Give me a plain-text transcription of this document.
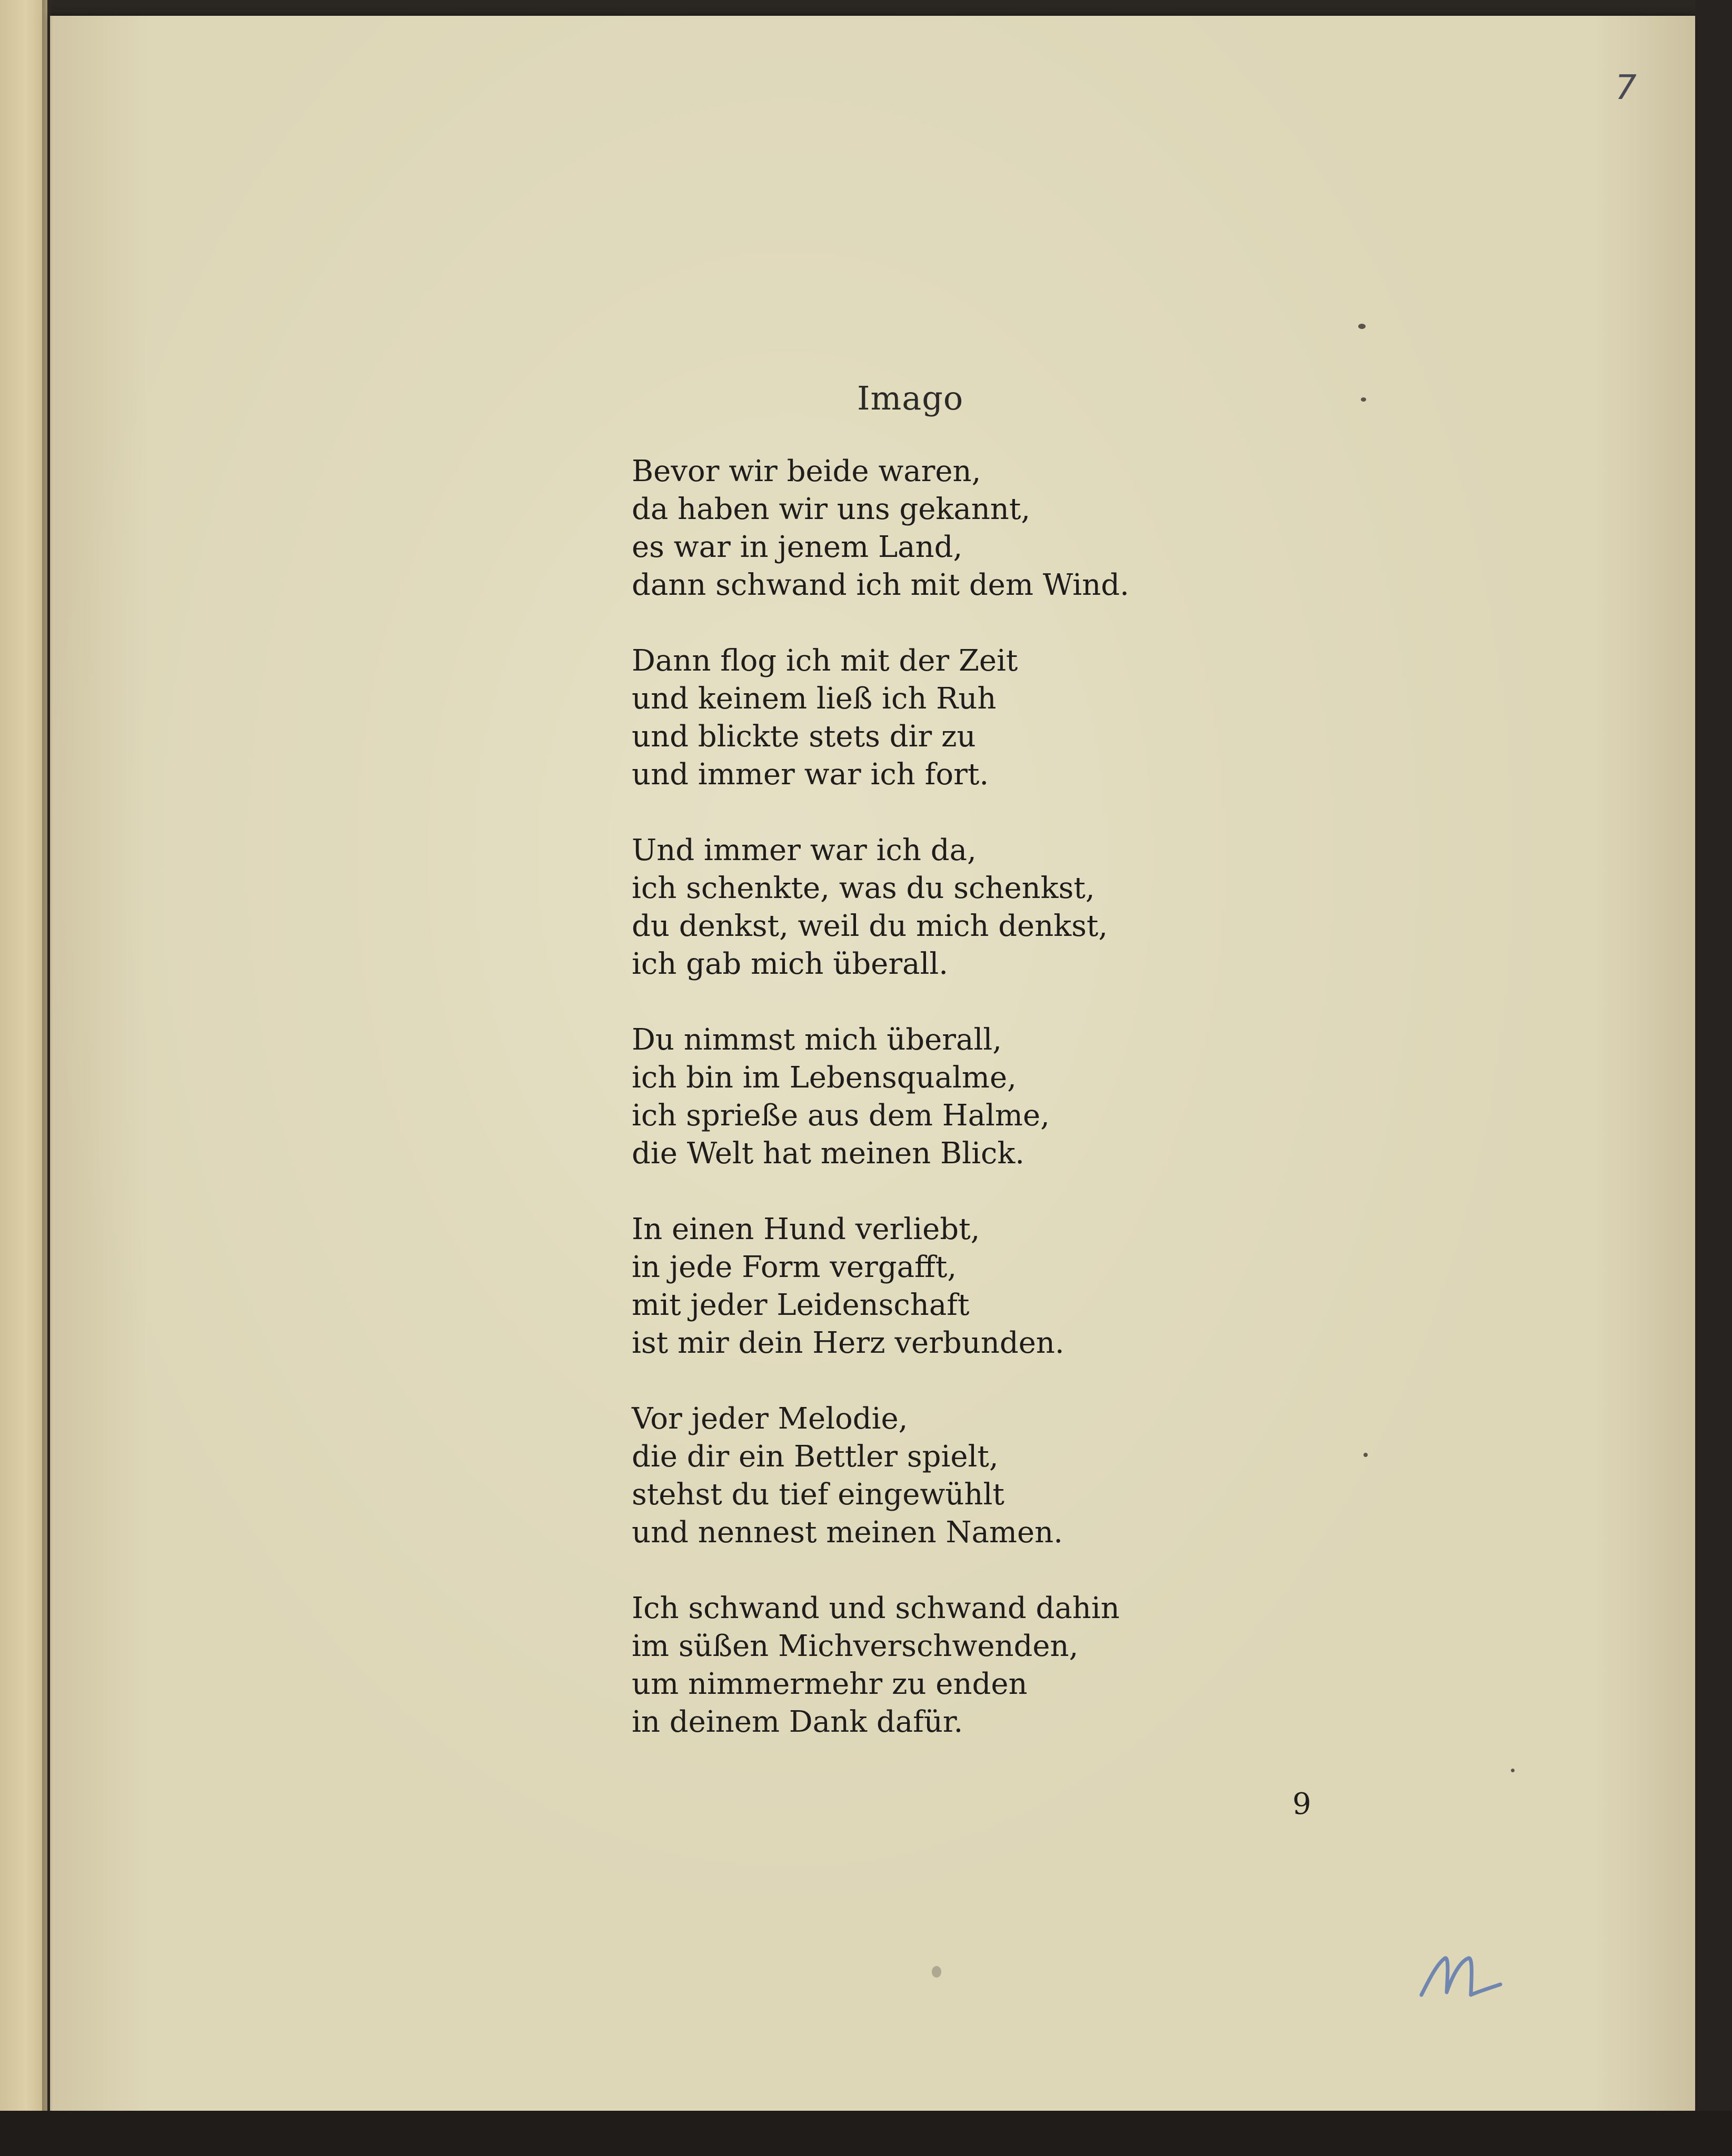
7
Imago
Bevor wir beide waren,
da haben wir uns gekannt,
es war in jenem Land,
dann schwand ich mit dem Wind.
Dann flog ich mit der Zeit
und keinem ließ ich Ruh
und blickte stets dir zu
und immer war ich fort.
Und immer war ich da,
ich schenkte, was du schenkst,
du denkst, weil du mich denkst,
ich gab mich überall.
Du nimmst mich überall,
ich bin im Lebensqualme,
ich sprieße aus dem Halme,
die Welt hat meinen Blick.
In einen Hund verliebt,
in jede Form vergafft,
mit jeder Leidenschaft
ist mir dein Herz verbunden.
Vor jeder Melodie,
die dir ein Bettler spielt,
stehst du tief eingewühlt
und nennest meinen Namen.
Ich schwand und schwand dahin
im süßen Michverschwenden,
um nimmermehr zu enden
in deinem Dank dafür.
9
